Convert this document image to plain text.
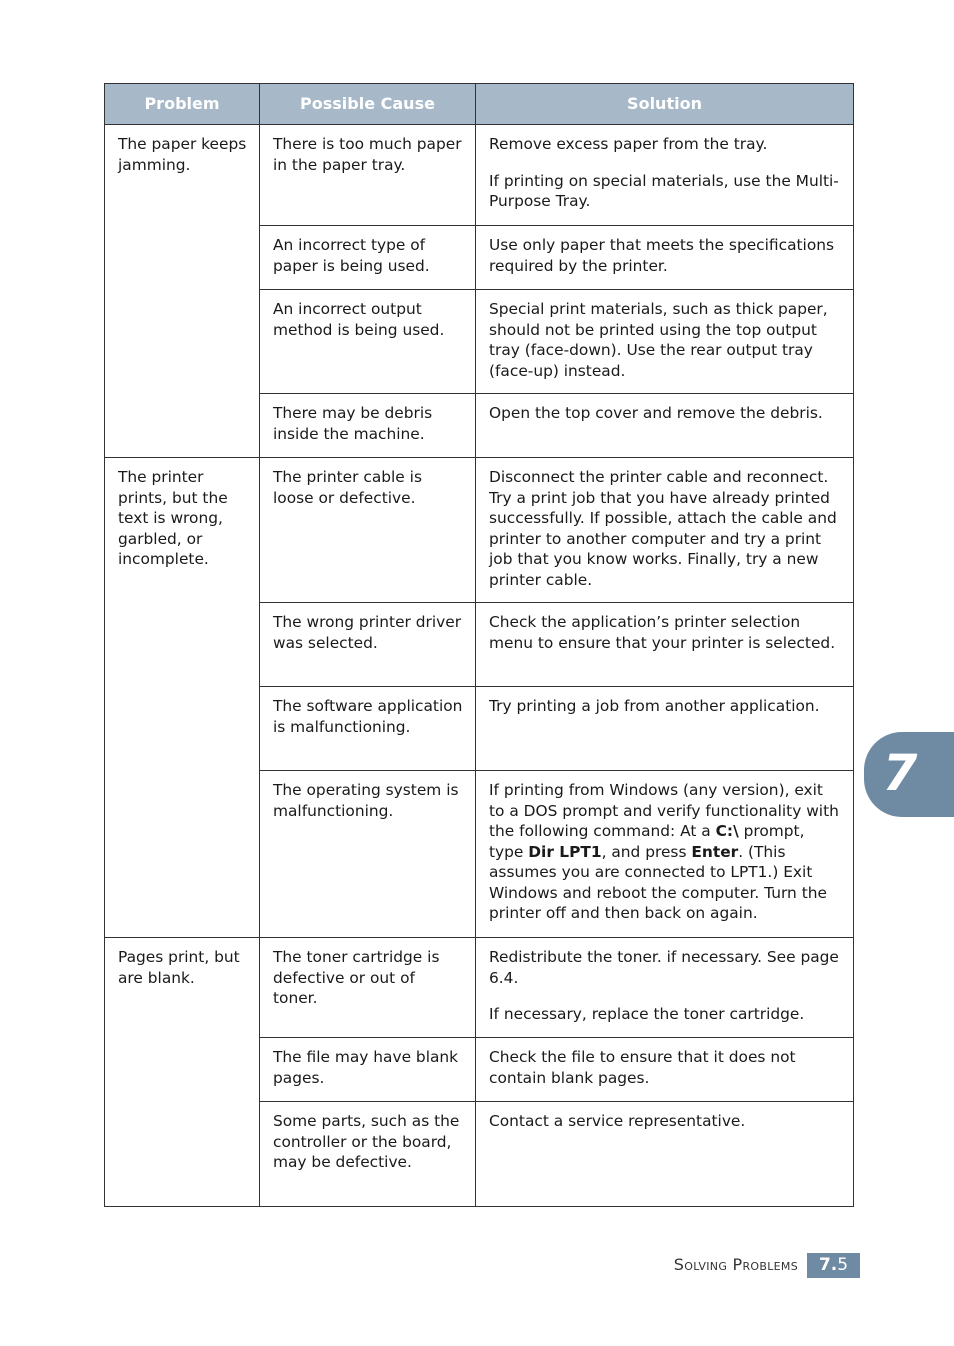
Problem	Possible Cause	Solution
The paper keeps jamming.	There is too much paper in the paper tray.	Remove excess paper from the tray.

If printing on special materials, use the Multi-Purpose Tray.

	An incorrect type of paper is being used.	Use only paper that meets the specifications required by the printer.

	An incorrect output method is being used.	Special print materials, such as thick paper, should not be printed using the top output tray (face-down). Use the rear output tray (face-up) instead.

	There may be debris inside the machine.	Open the top cover and remove the debris.

The printer prints, but the text is wrong, garbled, or incomplete.	The printer cable is loose or defective.	Disconnect the printer cable and reconnect. Try a print job that you have already printed successfully. If possible, attach the cable and printer to another computer and try a print job that you know works. Finally, try a new printer cable.

	The wrong printer driver was selected.	Check the application’s printer selection menu to ensure that your printer is selected.

	The software application is malfunctioning.	Try printing a job from another application.

	The operating system is malfunctioning.	If printing from Windows (any version), exit to a DOS prompt and verify functionality with the following command: At a C:\ prompt, type Dir LPT1, and press Enter. (This assumes you are connected to LPT1.) Exit Windows and reboot the computer. Turn the printer off and then back on again.

Pages print, but are blank.	The toner cartridge is defective or out of toner.	Redistribute the toner. if necessary. See page 6.4.

If necessary, replace the toner cartridge.

	The file may have blank pages.	Check the file to ensure that it does not contain blank pages.

	Some parts, such as the controller or the board, may be defective.	Contact a service representative.

7
Solving Problems	7.5
